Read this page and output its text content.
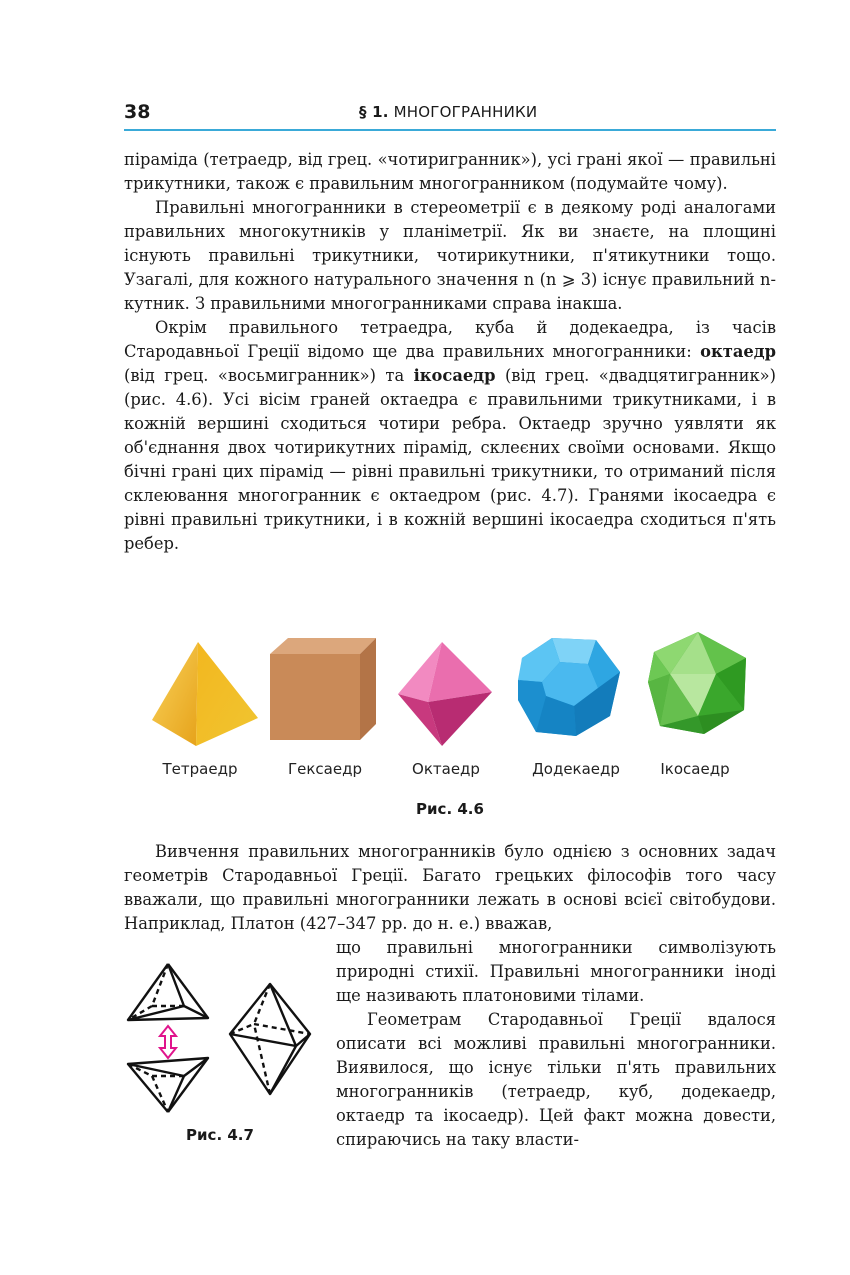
38	§ 1. МНОГОГРАННИКИ

піраміда (тетраедр, від грец. «чотиригранник»), усі грані якої — правильні трикутники, також є правильним многогранником (подумайте чому).

Правильні многогранники в стереометрії є в деякому роді аналогами правильних многокутників у планіметрії. Як ви знаєте, на площині існують правильні трикутники, чотирикутники, п'ятикутники тощо. Узагалі, для кожного натурального значення n (n ⩾ 3) існує правильний n-кутник. З правильними многогранниками справа інакша.

Окрім правильного тетраедра, куба й додекаедра, із часів Стародавньої Греції відомо ще два правильних многогранники: октаедр (від грец. «восьмигранник») та ікосаедр (від грец. «двадцятигранник») (рис. 4.6). Усі вісім граней октаедра є правильними трикутниками, і в кожній вершині сходиться чотири ребра. Октаедр зручно уявляти як об'єднання двох чотирикутних пірамід, склеєних своїми основами. Якщо бічні грані цих пірамід — рівні правильні трикутники, то отриманий після склеювання многогранник є октаедром (рис. 4.7). Гранями ікосаедра є рівні правильні трикутники, і в кожній вершині ікосаедра сходиться п'ять ребер.

Тетраедр	Гексаедр	Октаедр	Додекаедр	Ікосаедр
Рис. 4.6

Вивчення правильних многогранників було однією з основних задач геометрів Стародавньої Греції. Багато грецьких філософів того часу вважали, що правильні многогранники лежать в основі всієї світобудови. Наприклад, Платон (427–347 рр. до н. е.) вважав,

що правильні многогранники символізують природні стихії. Правильні многогранники іноді ще називають платоновими тілами.

Геометрам Стародавньої Греції вдалося описати всі можливі правильні многогранники. Виявилося, що існує тільки п'ять правильних многогранників (тетраедр, куб, додекаедр, октаедр та ікосаедр). Цей факт можна довести, спираючись на таку власти-

Рис. 4.7
